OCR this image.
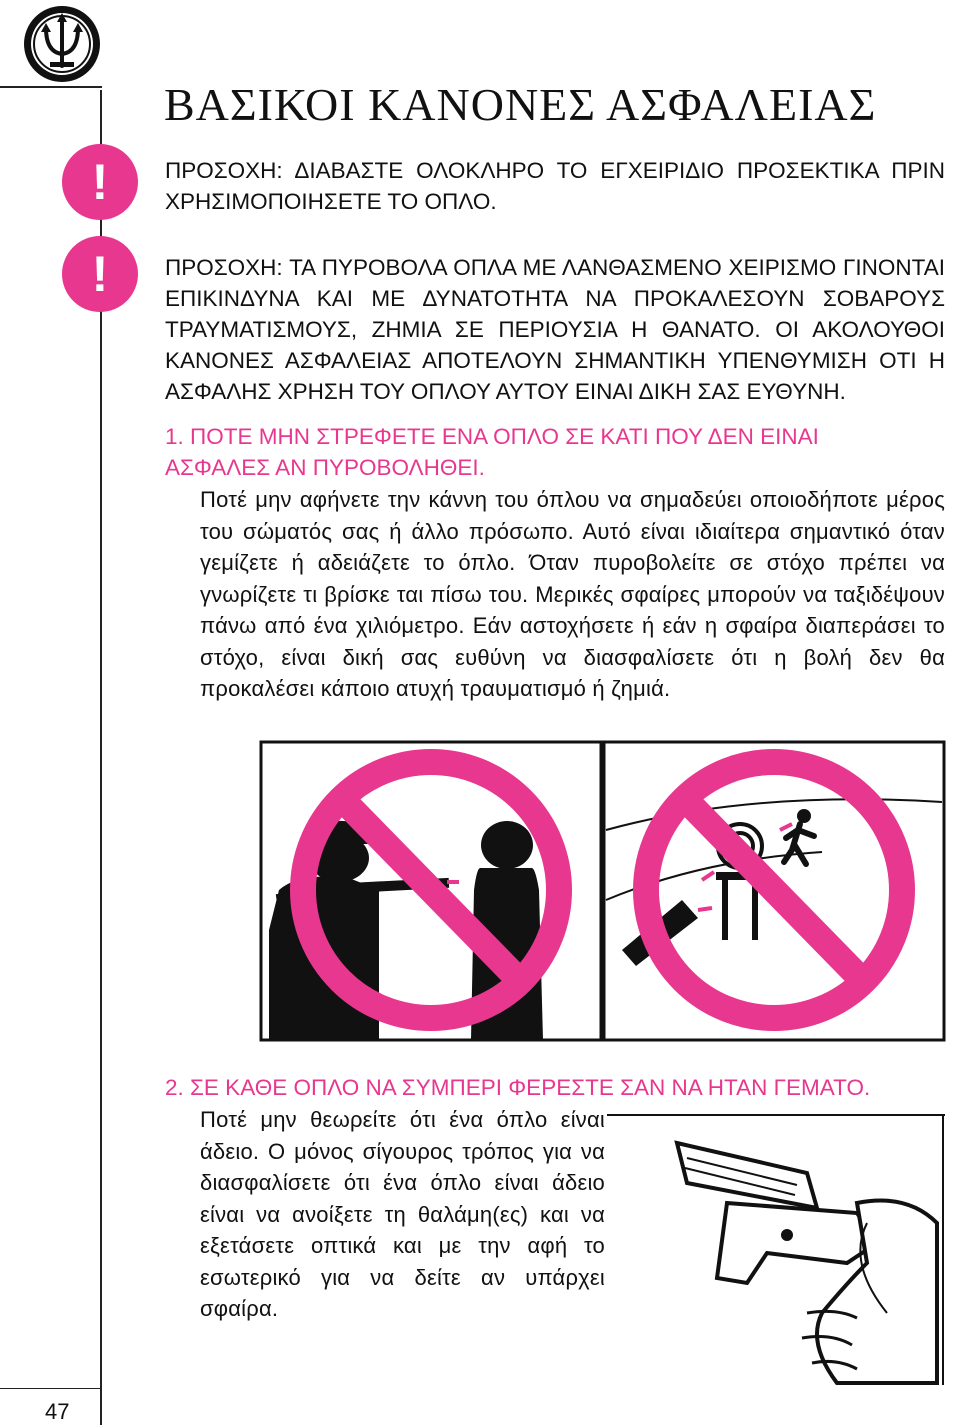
ΒΑΣΙΚΟΙ ΚΑΝΟΝΕΣ ΑΣΦΑΛΕΙΑΣ
!	ΠΡΟΣΟΧΗ: ΔΙΑΒΑΣΤΕ ΟΛΟΚΛΗΡΟ ΤΟ ΕΓΧΕΙΡΙΔΙΟ ΠΡΟΣΕΚΤΙΚΑ ΠΡΙΝ ΧΡΗΣΙΜΟΠΟΙΗΣΕΤΕ ΤΟ ΟΠΛΟ.

!	ΠΡΟΣΟΧΗ: ΤΑ ΠΥΡΟΒΟΛΑ ΟΠΛΑ ΜΕ ΛΑΝΘΑΣΜΕΝΟ ΧΕΙΡΙΣΜΟ ΓΙΝΟΝΤΑΙ ΕΠΙΚΙΝΔΥΝΑ ΚΑΙ ΜΕ ΔΥΝΑΤΟΤΗΤΑ ΝΑ ΠΡΟΚΑΛΕΣΟΥΝ ΣΟΒΑΡΟΥΣ ΤΡΑΥΜΑΤΙΣΜΟΥΣ, ΖΗΜΙΑ ΣΕ ΠΕΡΙΟΥΣΙΑ Η ΘΑΝΑΤΟ. ΟΙ ΑΚΟΛΟΥΘΟΙ ΚΑΝΟΝΕΣ ΑΣΦΑΛΕΙΑΣ ΑΠΟΤΕΛΟΥΝ ΣΗΜΑΝΤΙΚΗ ΥΠΕΝΘΥΜΙΣΗ ΟΤΙ Η ΑΣΦΑΛΗΣ ΧΡΗΣΗ ΤΟΥ ΟΠΛΟΥ ΑΥΤΟΥ ΕΙΝΑΙ ΔΙΚΗ ΣΑΣ ΕΥΘΥΝΗ.

1. ΠΟΤΕ ΜΗΝ ΣΤΡΕΦΕΤΕ ΕΝΑ ΟΠΛΟ ΣΕ ΚΑΤΙ ΠΟΥ ΔΕΝ ΕΙΝΑΙ ΑΣΦΑΛΕΣ ΑΝ ΠΥΡΟΒΟΛΗΘΕΙ.

Ποτέ μην αφήνετε την κάννη του όπλου να σημαδεύει οποιοδήποτε μέρος του σώματός σας ή άλλο πρόσωπο. Αυτό είναι ιδιαίτερα σημαντικό όταν γεμίζετε ή αδειάζετε το όπλο. Όταν πυροβολείτε σε στόχο πρέπει να γνωρίζετε τι βρίσκε ται πίσω του. Μερικές σφαίρες μπορούν να ταξιδέψουν πάνω από ένα χιλιόμετρο. Εάν αστοχήσετε ή εάν η σφαίρα διαπεράσει το στόχο, είναι δική σας ευθύνη να διασφαλίσετε ότι η βολή δεν θα προκαλέσει κάποιο ατυχή τραυματισμό ή ζημιά.

2. ΣΕ ΚΑΘΕ ΟΠΛΟ ΝΑ ΣΥΜΠΕΡΙ ΦΕΡΕΣΤΕ ΣΑΝ ΝΑ ΗΤΑΝ ΓΕΜΑΤΟ.

Ποτέ μην θεωρείτε ότι ένα όπλο είναι άδειο. Ο μόνος σίγουρος τρόπος για να διασφαλίσετε ότι ένα όπλο είναι άδειο είναι να ανοίξετε τη θαλάμη(ες) και να εξετάσετε οπτικά και με την αφή το εσωτερικό για να δείτε αν υπάρχει σφαίρα.

47
